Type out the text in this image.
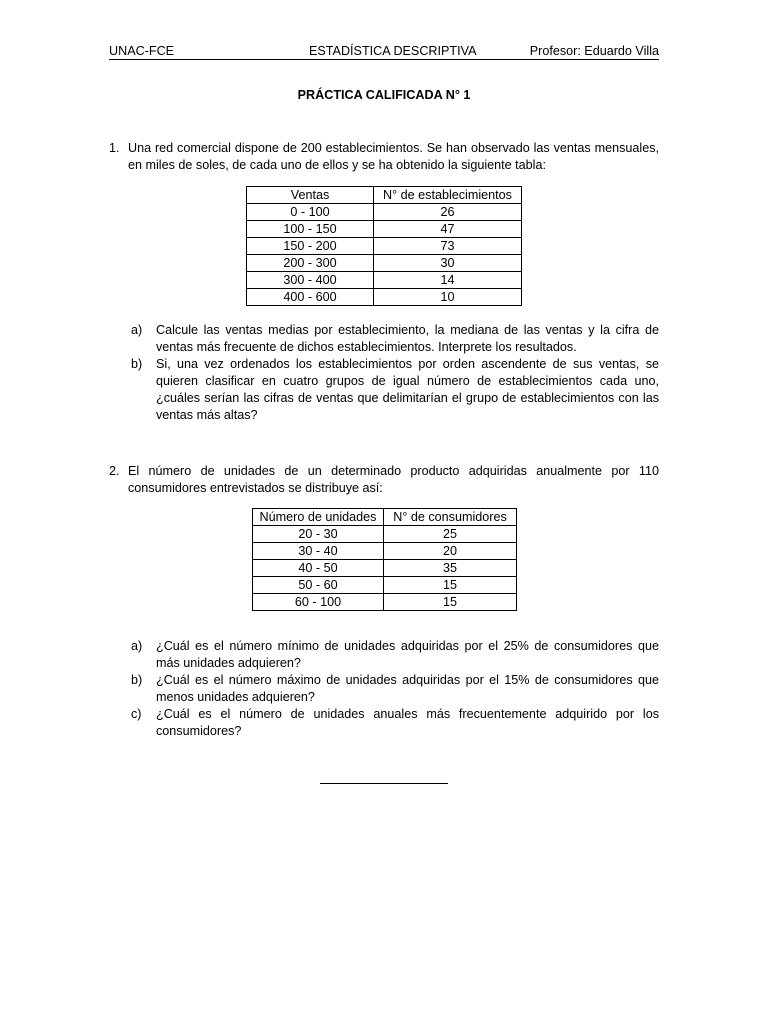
UNAC-FCE	ESTADÍSTICA DESCRIPTIVA	Profesor: Eduardo Villa
PRÁCTICA CALIFICADA N° 1
1. Una red comercial dispone de 200 establecimientos. Se han observado las ventas mensuales, en miles de soles, de cada uno de ellos y se ha obtenido la siguiente tabla:
Ventas	N° de establecimientos
0 - 100	26
100 - 150	47
150 - 200	73
200 - 300	30
300 - 400	14
400 - 600	10
a) Calcule las ventas medias por establecimiento, la mediana de las ventas y la cifra de ventas más frecuente de dichos establecimientos. Interprete los resultados.
b) Si, una vez ordenados los establecimientos por orden ascendente de sus ventas, se quieren clasificar en cuatro grupos de igual número de establecimientos cada uno, ¿cuáles serían las cifras de ventas que delimitarían el grupo de establecimientos con las ventas más altas?
2. El número de unidades de un determinado producto adquiridas anualmente por 110 consumidores entrevistados se distribuye así:
Número de unidades	N° de consumidores
20 - 30	25
30 - 40	20
40 - 50	35
50 - 60	15
60 - 100	15
a) ¿Cuál es el número mínimo de unidades adquiridas por el 25% de consumidores que más unidades adquieren?
b) ¿Cuál es el número máximo de unidades adquiridas por el 15% de consumidores que menos unidades adquieren?
c) ¿Cuál es el número de unidades anuales más frecuentemente adquirido por los consumidores?
